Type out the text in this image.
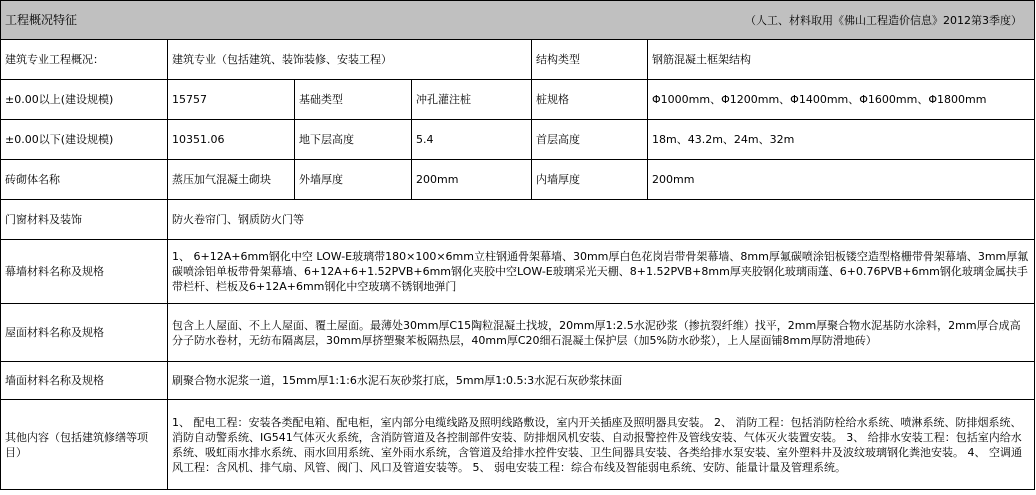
工程概况特征 （人工、材料取用《佛山工程造价信息》2012第3季度）					

建筑专业工程概况：	建筑专业（包括建筑、装饰装修、安装工程）			结构类型	钢筋混凝土框架结构
±0.00以上(建设规模)	15757	基础类型	冲孔灌注桩	桩规格	Φ1000mm、Φ1200mm、Φ1400mm、Φ1600mm、Φ1800mm
±0.00以下(建设规模)	10351.06	地下层高度	5.4	首层高度	18m、43.2m、24m、32m
砖砌体名称	蒸压加气混凝土砌块	外墙厚度	200mm	内墙厚度	200mm
门窗材料及装饰	防火卷帘门、钢质防火门等				
幕墙材料名称及规格	1、 6+12A+6mm钢化中空 LOW-E玻璃带180×100×6mm立柱钢通骨架幕墙、30mm厚白色花岗岩带骨架幕墙、8mm厚氟碳喷涂铝板镂空造型格栅带骨架幕墙、3mm厚氟碳喷涂铝单板带骨架幕墙、6+12A+6+1.52PVB+6mm钢化夹胶中空LOW-E玻璃采光天棚、8+1.52PVB+8mm厚夹胶钢化玻璃雨蓬、6+0.76PVB+6mm钢化玻璃金属扶手带栏杆、栏板及6+12A+6mm钢化中空玻璃不锈钢地弹门				
屋面材料名称及规格	包含上人屋面、不上人屋面、覆土屋面。最薄处30mm厚C15陶粒混凝土找坡，20mm厚1:2.5水泥砂浆（掺抗裂纤维）找平，2mm厚聚合物水泥基防水涂料，2mm厚合成高分子防水卷材，无纺布隔离层，30mm厚挤塑聚苯板隔热层，40mm厚C20细石混凝土保护层（加5%防水砂浆），上人屋面铺8mm厚防滑地砖）				
墙面材料名称及规格	刷聚合物水泥浆一道，15mm厚1:1:6水泥石灰砂浆打底，5mm厚1:0.5:3水泥石灰砂浆抹面				
其他内容（包括建筑修缮等项目）	1、 配电工程：安装各类配电箱、配电柜，室内部分电缆线路及照明线路敷设，室内开关插座及照明器具安装。 2、 消防工程：包括消防栓给水系统、喷淋系统、防排烟系统、消防自动警系统、IG541气体灭火系统，含消防管道及各控制部件安装、防排烟风机安装、自动报警控件及管线安装、气体灭火装置安装。 3、 给排水安装工程：包括室内给水系统、吸虹雨水排水系统、雨水回用系统、室外雨水系统，含管道及给排水控件安装、卫生间器具安装、各类给排水泵安装、室外塑料井及波纹玻璃钢化粪池安装。 4、 空调通风工程：含风机、排气扇、风管、阀门、风口及管道安装等。 5、 弱电安装工程：综合布线及智能弱电系统、安防、能量计量及管理系统。				
